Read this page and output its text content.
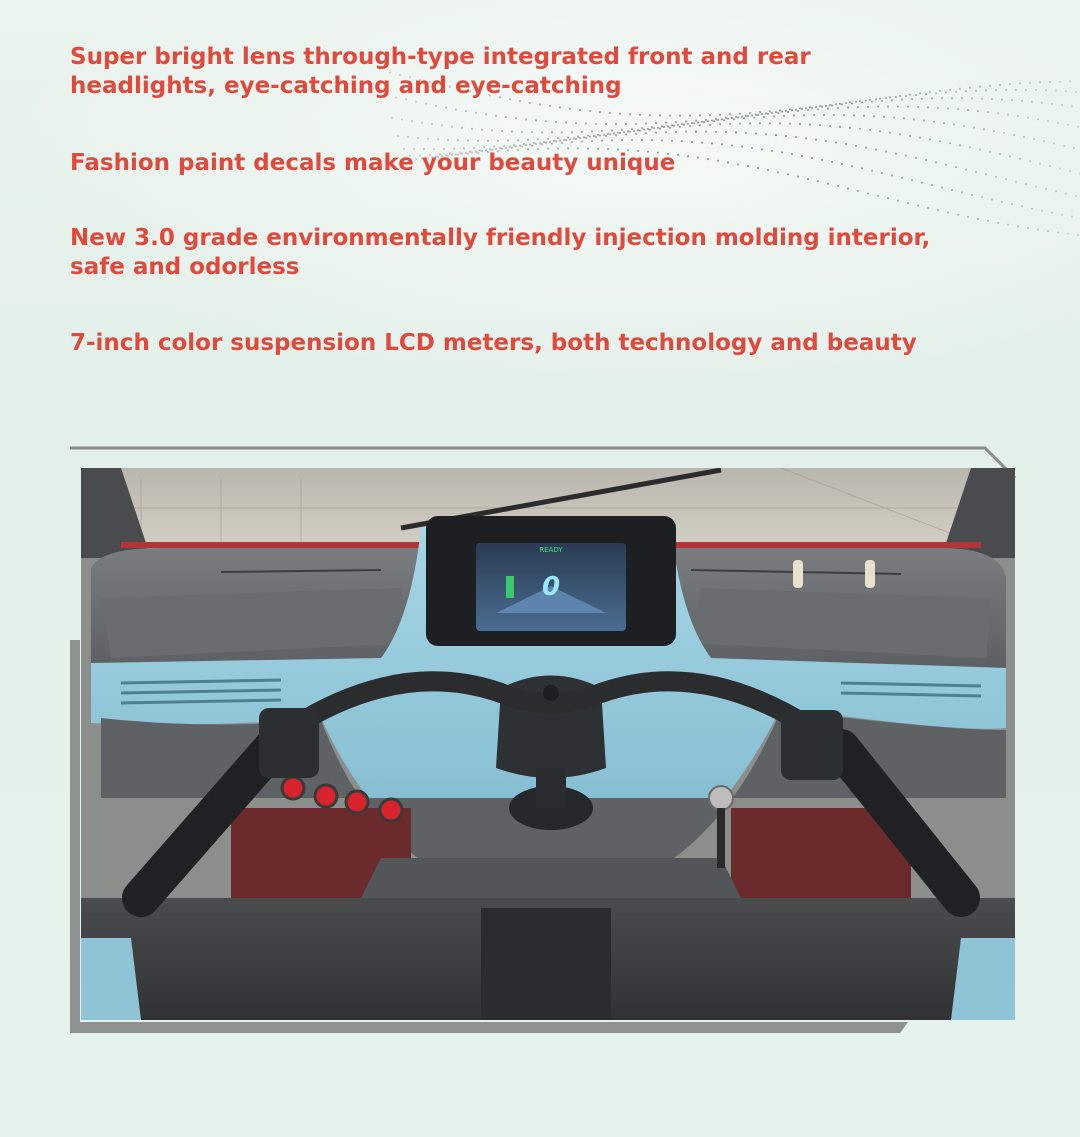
Super bright lens through-type integrated front and rear headlights, eye-catching and eye-catching

Fashion paint decals make your beauty unique

New 3.0 grade environmentally friendly injection molding interior, safe and odorless

7-inch color suspension LCD meters, both technology and beauty

0
READY
